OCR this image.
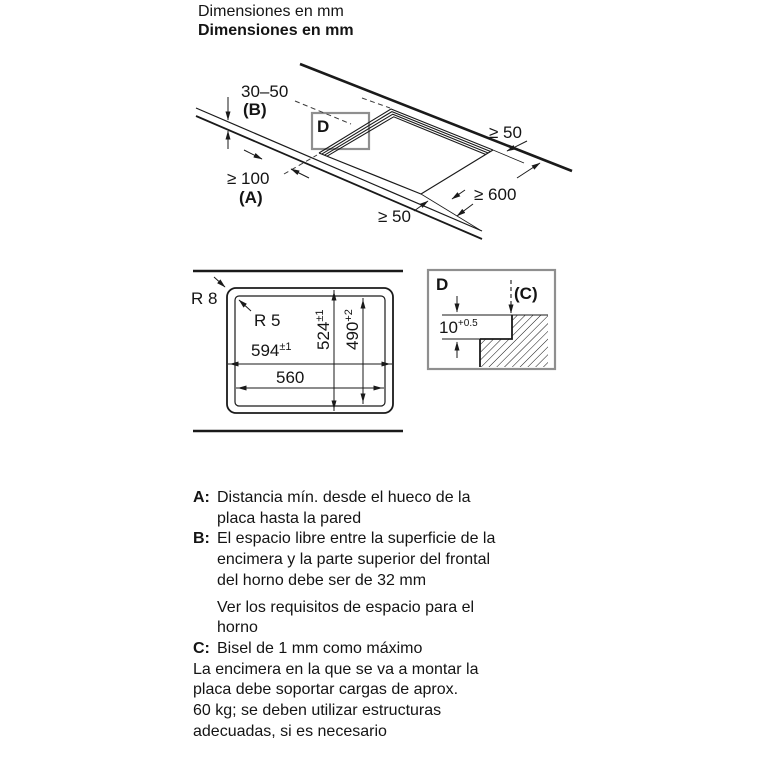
Dimensiones en mm
Dimensiones en mm
30–50
(B)
D	≥ 50
≥ 100
(A)	≥ 600
≥ 50
R 8
R 5
$594^{\pm 1}$
560
$524^{\pm 1}$
$490^{+2}$
D	(C)
$10^{+0.5}$
A: Distancia mín. desde el hueco de la
placa hasta la pared
B: El espacio libre entre la superficie de la
encimera y la parte superior del frontal
del horno debe ser de 32 mm
Ver los requisitos de espacio para el
horno
C: Bisel de 1 mm como máximo
La encimera en la que se va a montar la
placa debe soportar cargas de aprox.
60 kg; se deben utilizar estructuras
adecuadas, si es necesario
